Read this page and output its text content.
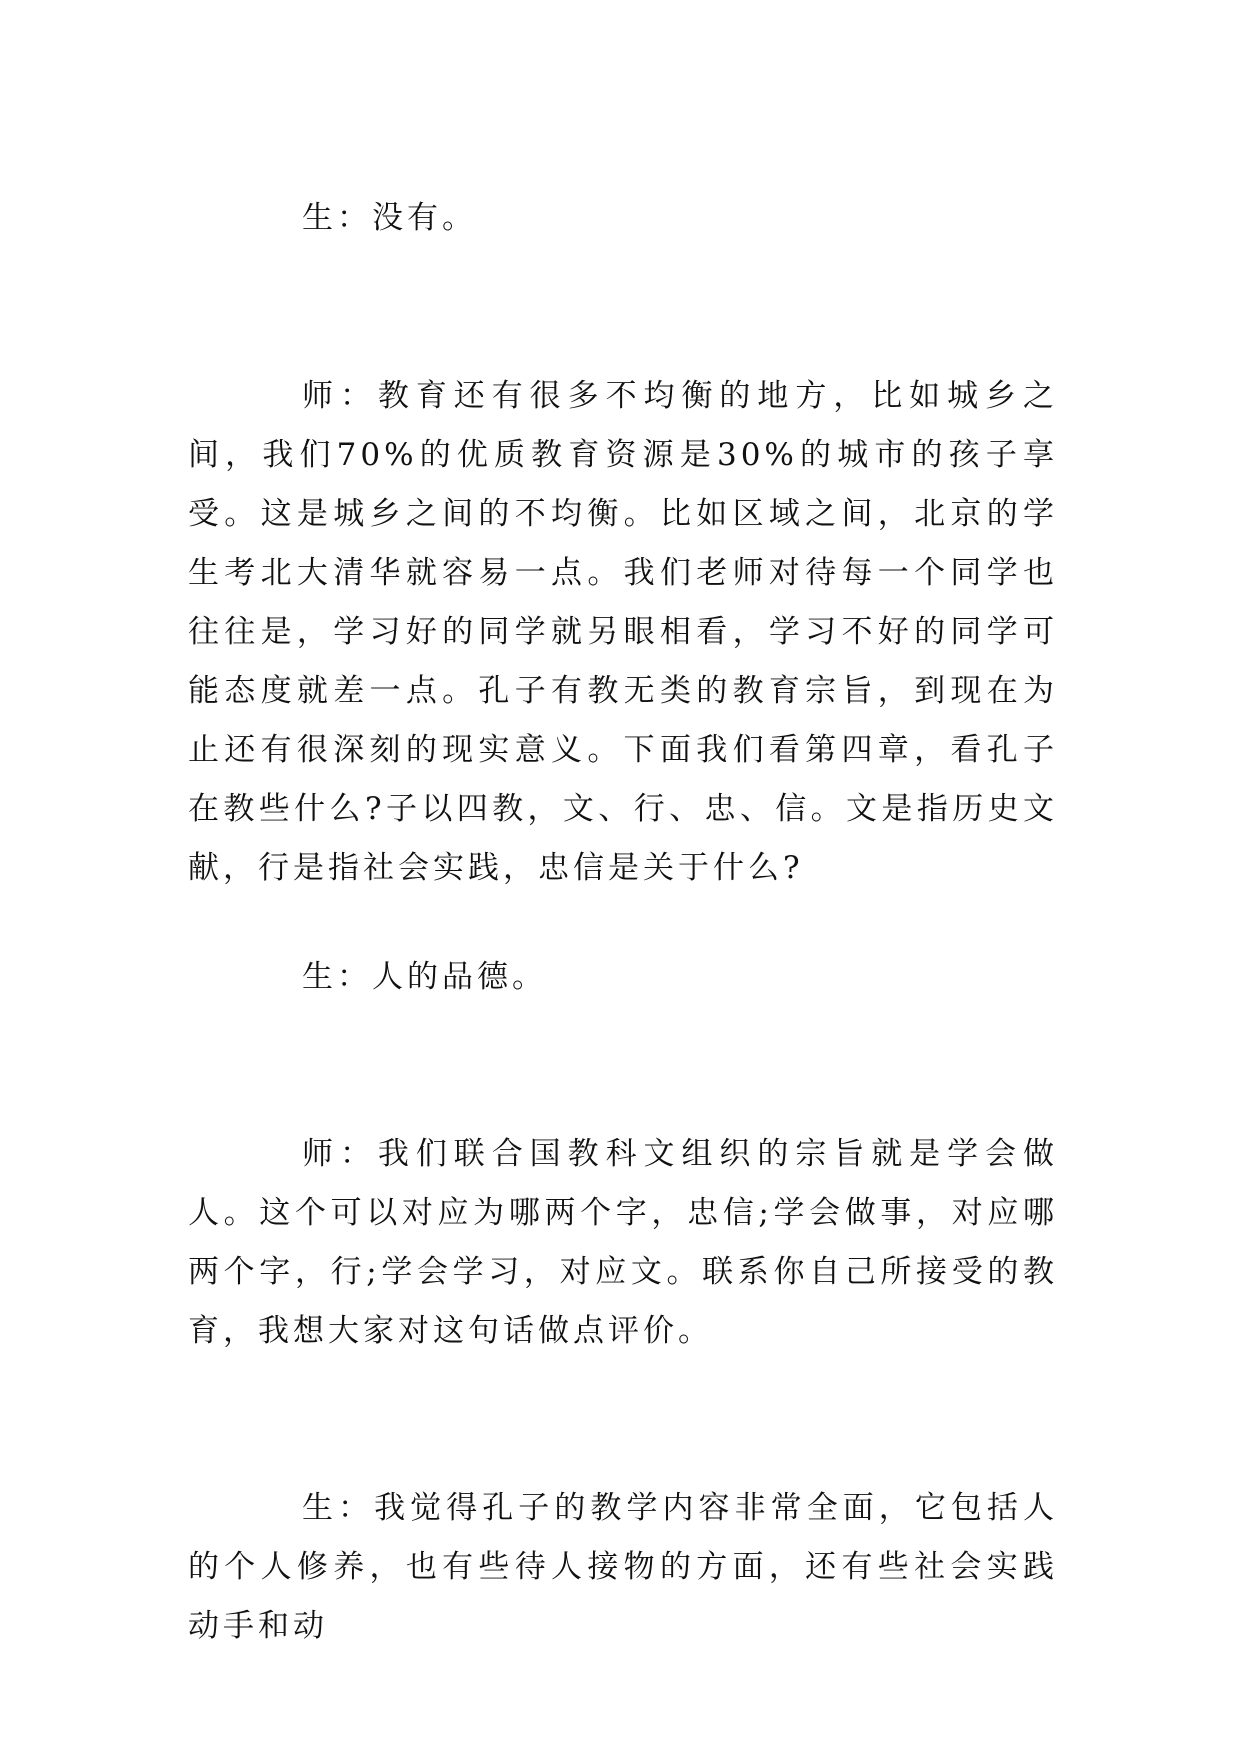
生：没有。

师：教育还有很多不均衡的地方，比如城乡之间，我们70%的优质教育资源是30%的城市的孩子享受。这是城乡之间的不均衡。比如区域之间，北京的学生考北大清华就容易一点。我们老师对待每一个同学也往往是，学习好的同学就另眼相看，学习不好的同学可能态度就差一点。孔子有教无类的教育宗旨，到现在为止还有很深刻的现实意义。下面我们看第四章，看孔子在教些什么?子以四教，文、行、忠、信。文是指历史文献，行是指社会实践，忠信是关于什么?

生：人的品德。

师：我们联合国教科文组织的宗旨就是学会做人。这个可以对应为哪两个字，忠信;学会做事，对应哪两个字，行;学会学习，对应文。联系你自己所接受的教育，我想大家对这句话做点评价。

生：我觉得孔子的教学内容非常全面，它包括人的个人修养，也有些待人接物的方面，还有些社会实践动手和动
